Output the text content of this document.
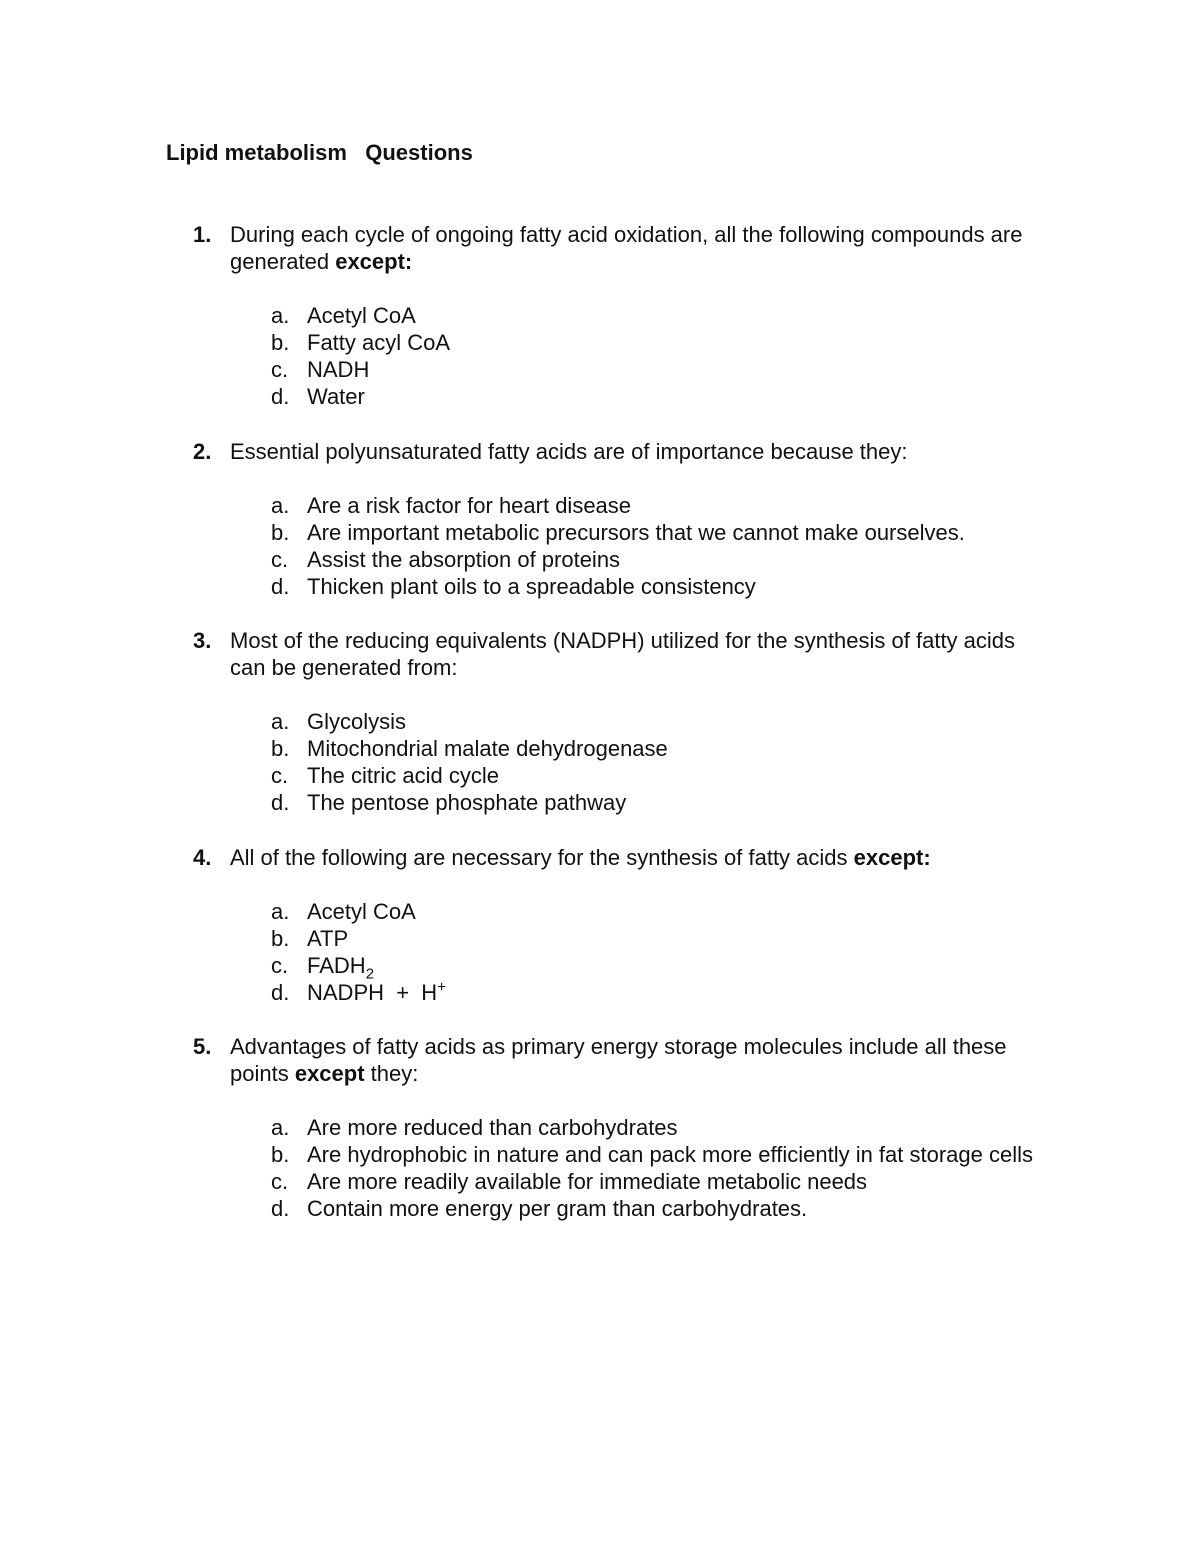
Lipid metabolism   Questions
1. During each cycle of ongoing fatty acid oxidation, all the following compounds are generated except:
a. Acetyl CoA
b. Fatty acyl CoA
c. NADH
d. Water
2. Essential polyunsaturated fatty acids are of importance because they:
a. Are a risk factor for heart disease
b. Are important metabolic precursors that we cannot make ourselves.
c. Assist the absorption of proteins
d. Thicken plant oils to a spreadable consistency
3. Most of the reducing equivalents (NADPH) utilized for the synthesis of fatty acids can be generated from:
a. Glycolysis
b. Mitochondrial malate dehydrogenase
c. The citric acid cycle
d. The pentose phosphate pathway
4. All of the following are necessary for the synthesis of fatty acids except:
a. Acetyl CoA
b. ATP
c. $FADH_2$
d. NADPH  +  H+
5. Advantages of fatty acids as primary energy storage molecules include all these points except they:
a. Are more reduced than carbohydrates
b. Are hydrophobic in nature and can pack more efficiently in fat storage cells
c. Are more readily available for immediate metabolic needs
d. Contain more energy per gram than carbohydrates.
